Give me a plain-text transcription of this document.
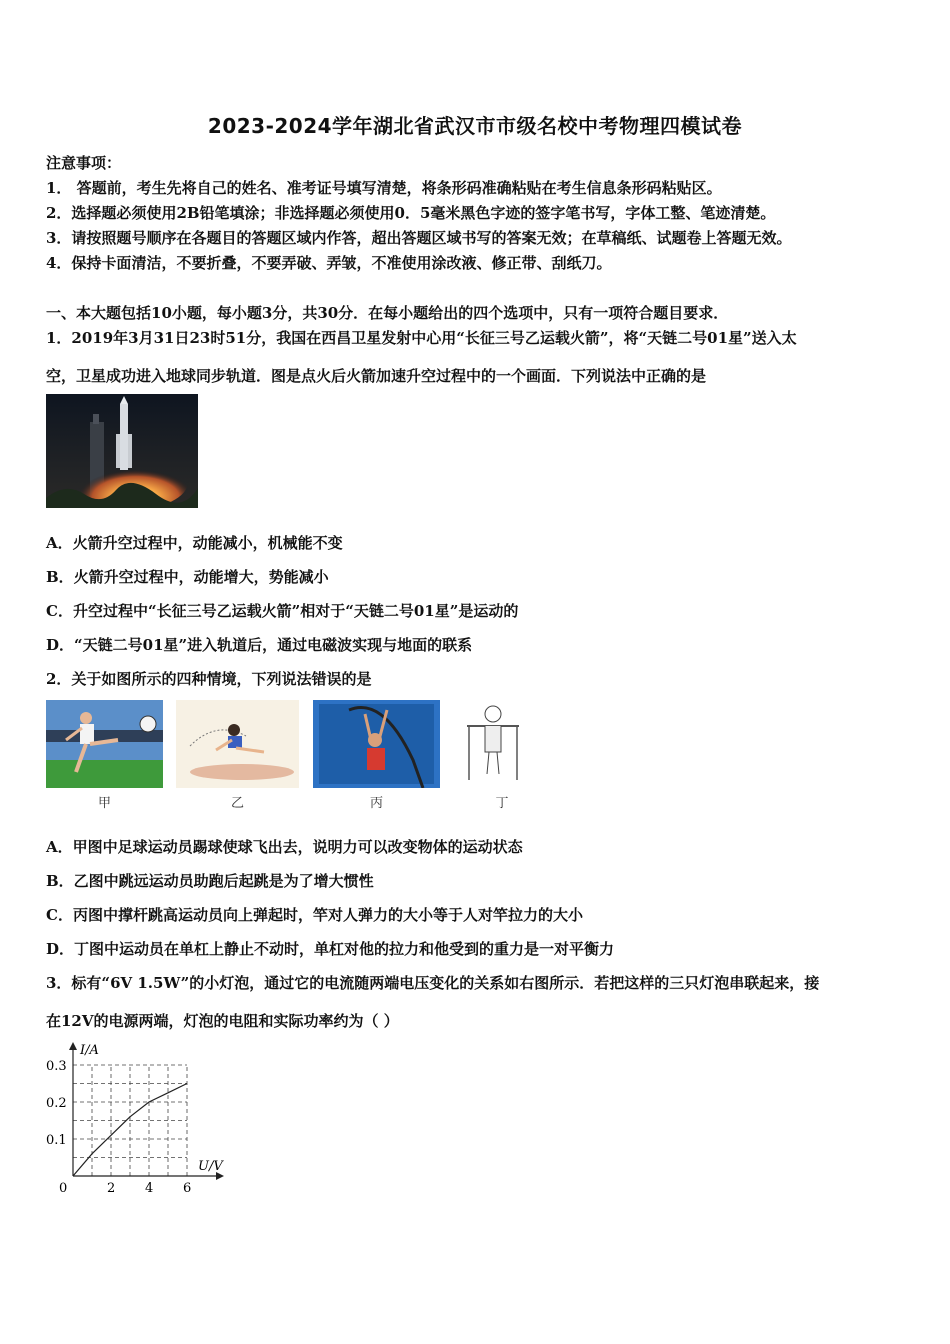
2023-2024学年湖北省武汉市市级名校中考物理四模试卷
注意事项：
1． 答题前，考生先将自己的姓名、准考证号填写清楚，将条形码准确粘贴在考生信息条形码粘贴区。
2．选择题必须使用2B铅笔填涂；非选择题必须使用0．5毫米黑色字迹的签字笔书写，字体工整、笔迹清楚。
3．请按照题号顺序在各题目的答题区域内作答，超出答题区域书写的答案无效；在草稿纸、试题卷上答题无效。
4．保持卡面清洁，不要折叠，不要弄破、弄皱，不准使用涂改液、修正带、刮纸刀。
一、本大题包括10小题，每小题3分，共30分．在每小题给出的四个选项中，只有一项符合题目要求．
1．2019年3月31日23时51分，我国在西昌卫星发射中心用“长征三号乙运载火箭”，将“天链二号01星”送入太
空，卫星成功进入地球同步轨道．图是点火后火箭加速升空过程中的一个画面．下列说法中正确的是
A．火箭升空过程中，动能减小，机械能不变
B．火箭升空过程中，动能增大，势能减小
C．升空过程中“长征三号乙运载火箭”相对于“天链二号01星”是运动的
D．“天链二号01星”进入轨道后，通过电磁波实现与地面的联系
2．关于如图所示的四种情境，下列说法错误的是
甲	乙	丙	丁
A．甲图中足球运动员踢球使球飞出去，说明力可以改变物体的运动状态
B．乙图中跳远运动员助跑后起跳是为了增大惯性
C．丙图中撑杆跳高运动员向上弹起时，竿对人弹力的大小等于人对竿拉力的大小
D．丁图中运动员在单杠上静止不动时，单杠对他的拉力和他受到的重力是一对平衡力
3．标有“6V 1.5W”的小灯泡，通过它的电流随两端电压变化的关系如右图所示．若把这样的三只灯泡串联起来，接
在12V的电源两端，灯泡的电阻和实际功率约为（ ）
I/A
U/V
0	2 4 6
0.1
0.2
0.3
